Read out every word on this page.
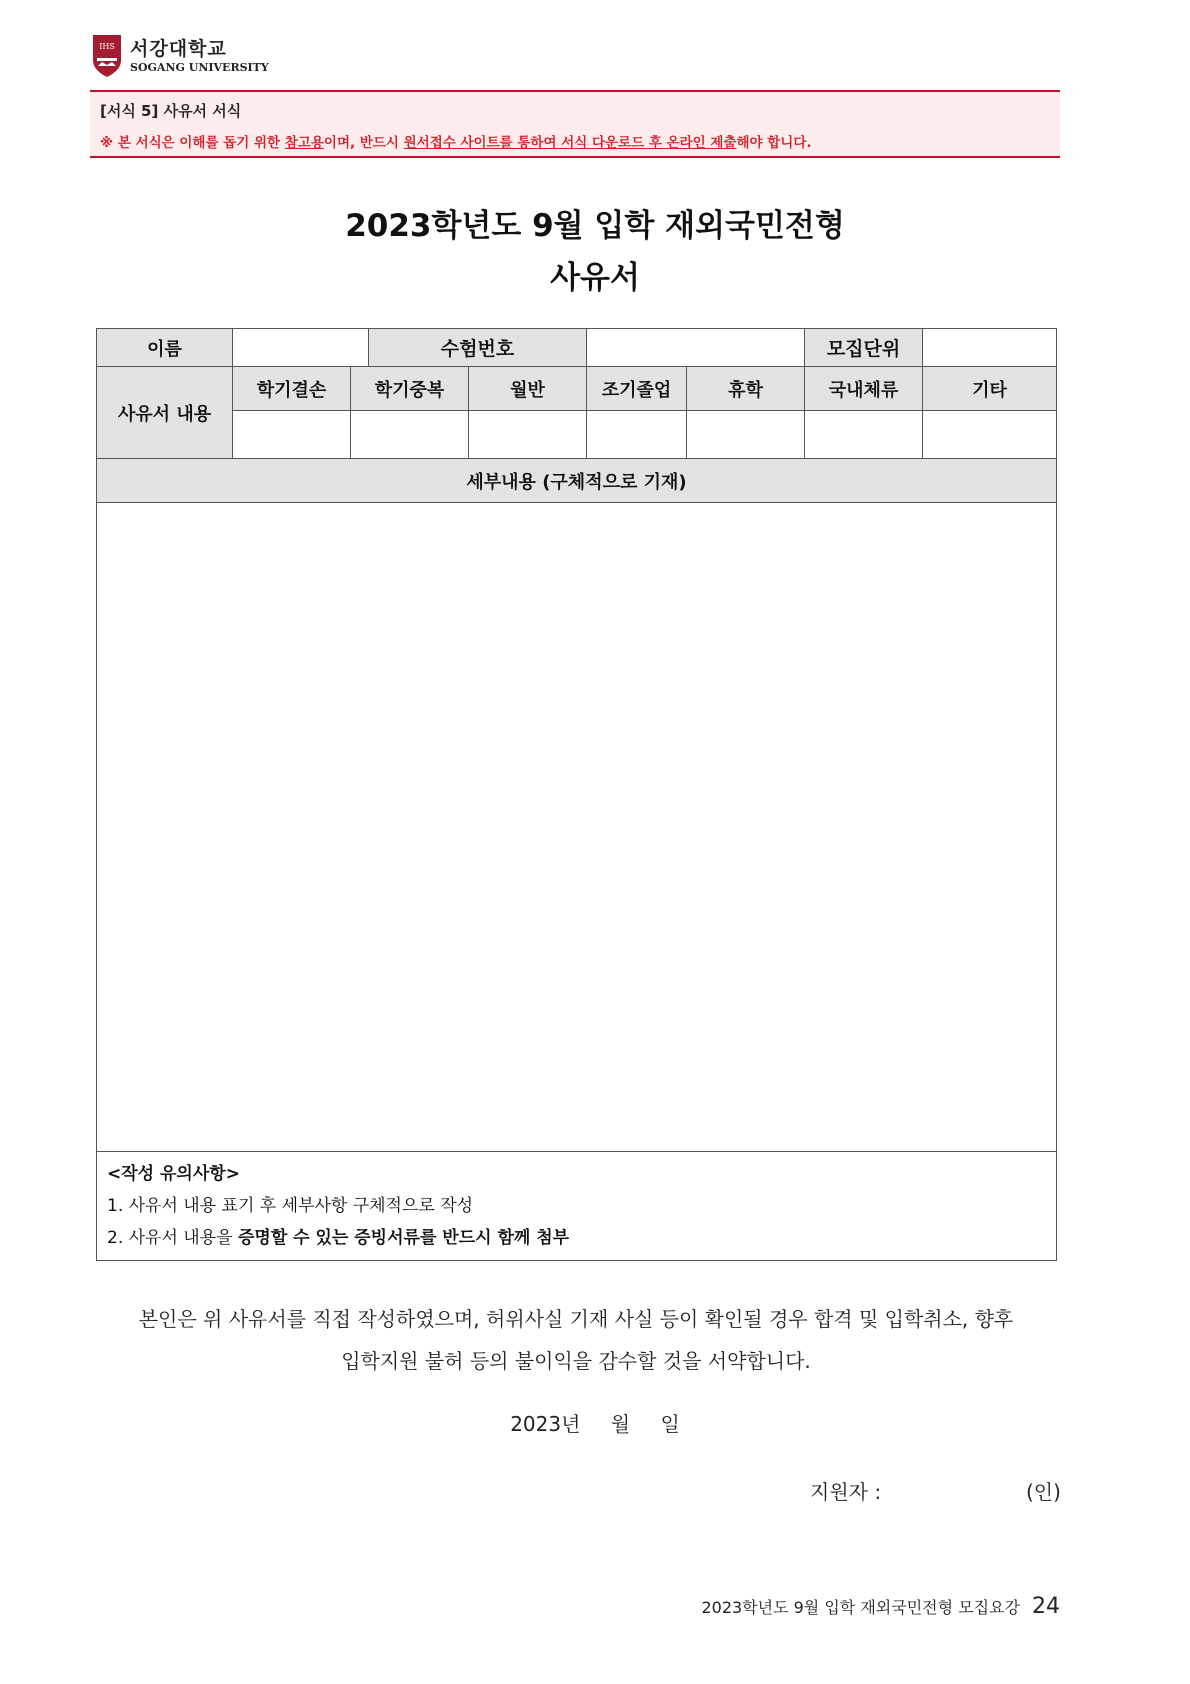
IHS 서강대학교
SOGANG UNIVERSITY
[서식 5] 사유서 서식
※ 본 서식은 이해를 돕기 위한 참고용이며, 반드시 원서접수 사이트를 통하여 서식 다운로드 후 온라인 제출해야 합니다.
2023학년도 9월 입학 재외국민전형
사유서
이름			수험번호				모집단위	
사유서 내용	학기결손	학기중복		월반	조기졸업	휴학	국내체류	기타

세부내용 (구체적으로 기재)								

<작성 유의사항>
1. 사유서 내용 표기 후 세부사항 구체적으로 작성
2. 사유서 내용을 증명할 수 있는 증빙서류를 반드시 함께 첨부								
본인은 위 사유서를 직접 작성하였으며, 허위사실 기재 사실 등이 확인될 경우 합격 및 입학취소, 향후
입학지원 불허 등의 불이익을 감수할 것을 서약합니다.
2023년 월 일
지원자 :	(인)
2023학년도 9월 입학 재외국민전형 모집요강 24
